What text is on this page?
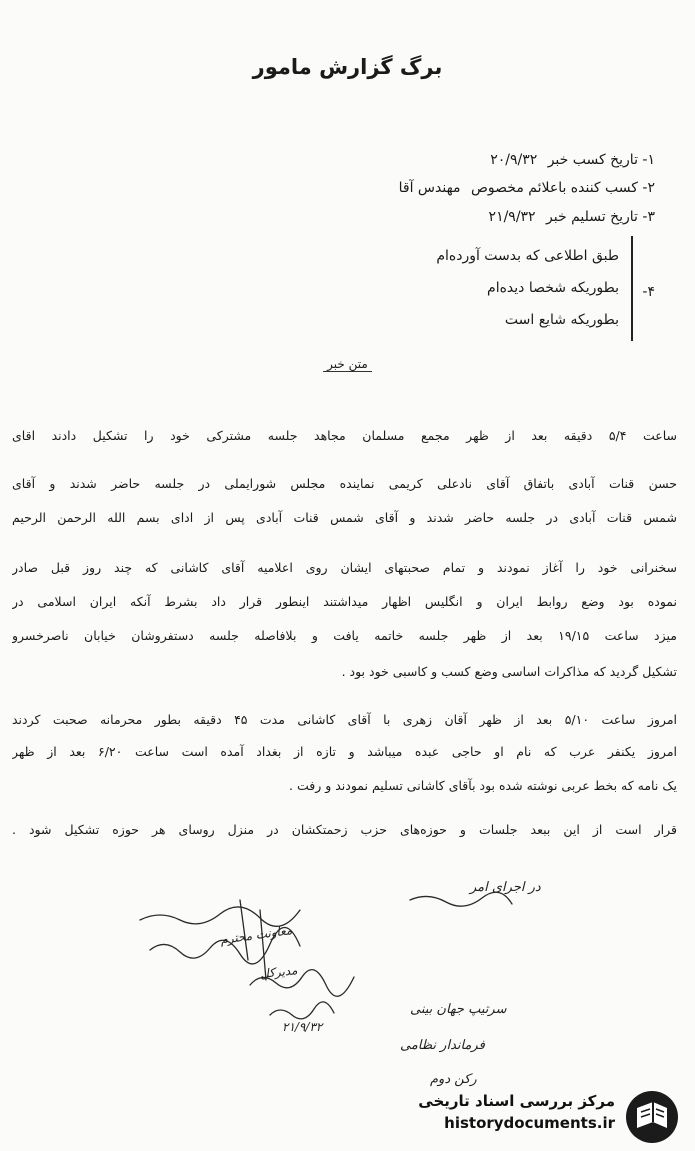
برگ گزارش مامور
۱- تاریخ کسب خبر ۲۰/۹/۳۲
۲- کسب کننده باعلائم مخصوص مهندس آقا
۳- تاریخ تسلیم خبر ۲۱/۹/۳۲
۴-
طبق اطلاعی که بدست آورده‌ام
بطوریکه شخصا دیده‌ام
بطوریکه شایع است
متن خبر
ساعت ۵/۴ دقیقه بعد از ظهر مجمع مسلمان مجاهد جلسه مشترکی خود را تشکیل دادند اقای
حسن قنات آبادی باتفاق آقای نادعلی کریمی نماینده مجلس شورایملی در جلسه حاضر شدند و آقای
شمس قنات آبادی در جلسه حاضر شدند و آقای شمس قنات آبادی پس از ادای بسم الله الرحمن الرحیم
سخنرانی خود را آغاز نمودند و تمام صحبتهای ایشان روی اعلامیه آقای کاشانی که چند روز قبل صادر
نموده بود وضع روابط ایران و انگلیس اظهار میداشتند اینطور قرار داد بشرط آنکه ایران اسلامی در
میزد ساعت ۱۹/۱۵ بعد از ظهر جلسه خاتمه یافت و بلافاصله جلسه دستفروشان خیابان ناصرخسرو
تشکیل گردید که مذاکرات اساسی وضع کسب و کاسبی خود بود .
امروز ساعت ۵/۱۰ بعد از ظهر آقان زهری با آقای کاشانی مدت ۴۵ دقیقه بطور محرمانه صحبت کردند
امروز یکنفر عرب که نام او حاجی عبده میباشد و تازه از بغداد آمده است ساعت ۶/۲۰ بعد از ظهر
یک نامه که بخط عربی نوشته شده بود بآقای کاشانی تسلیم نمودند و رفت .
قرار است از این ببعد جلسات و حوزه‌های حزب زحمتکشان در منزل روسای هر حوزه تشکیل شود .
در اجرای امر
معاونت محترم
مدیرکل
۲۱/۹/۳۲
سرتیپ جهان بینی
فرماندار نظامی
رکن دوم
مرکز بررسی اسناد تاریخی
historydocuments.ir
